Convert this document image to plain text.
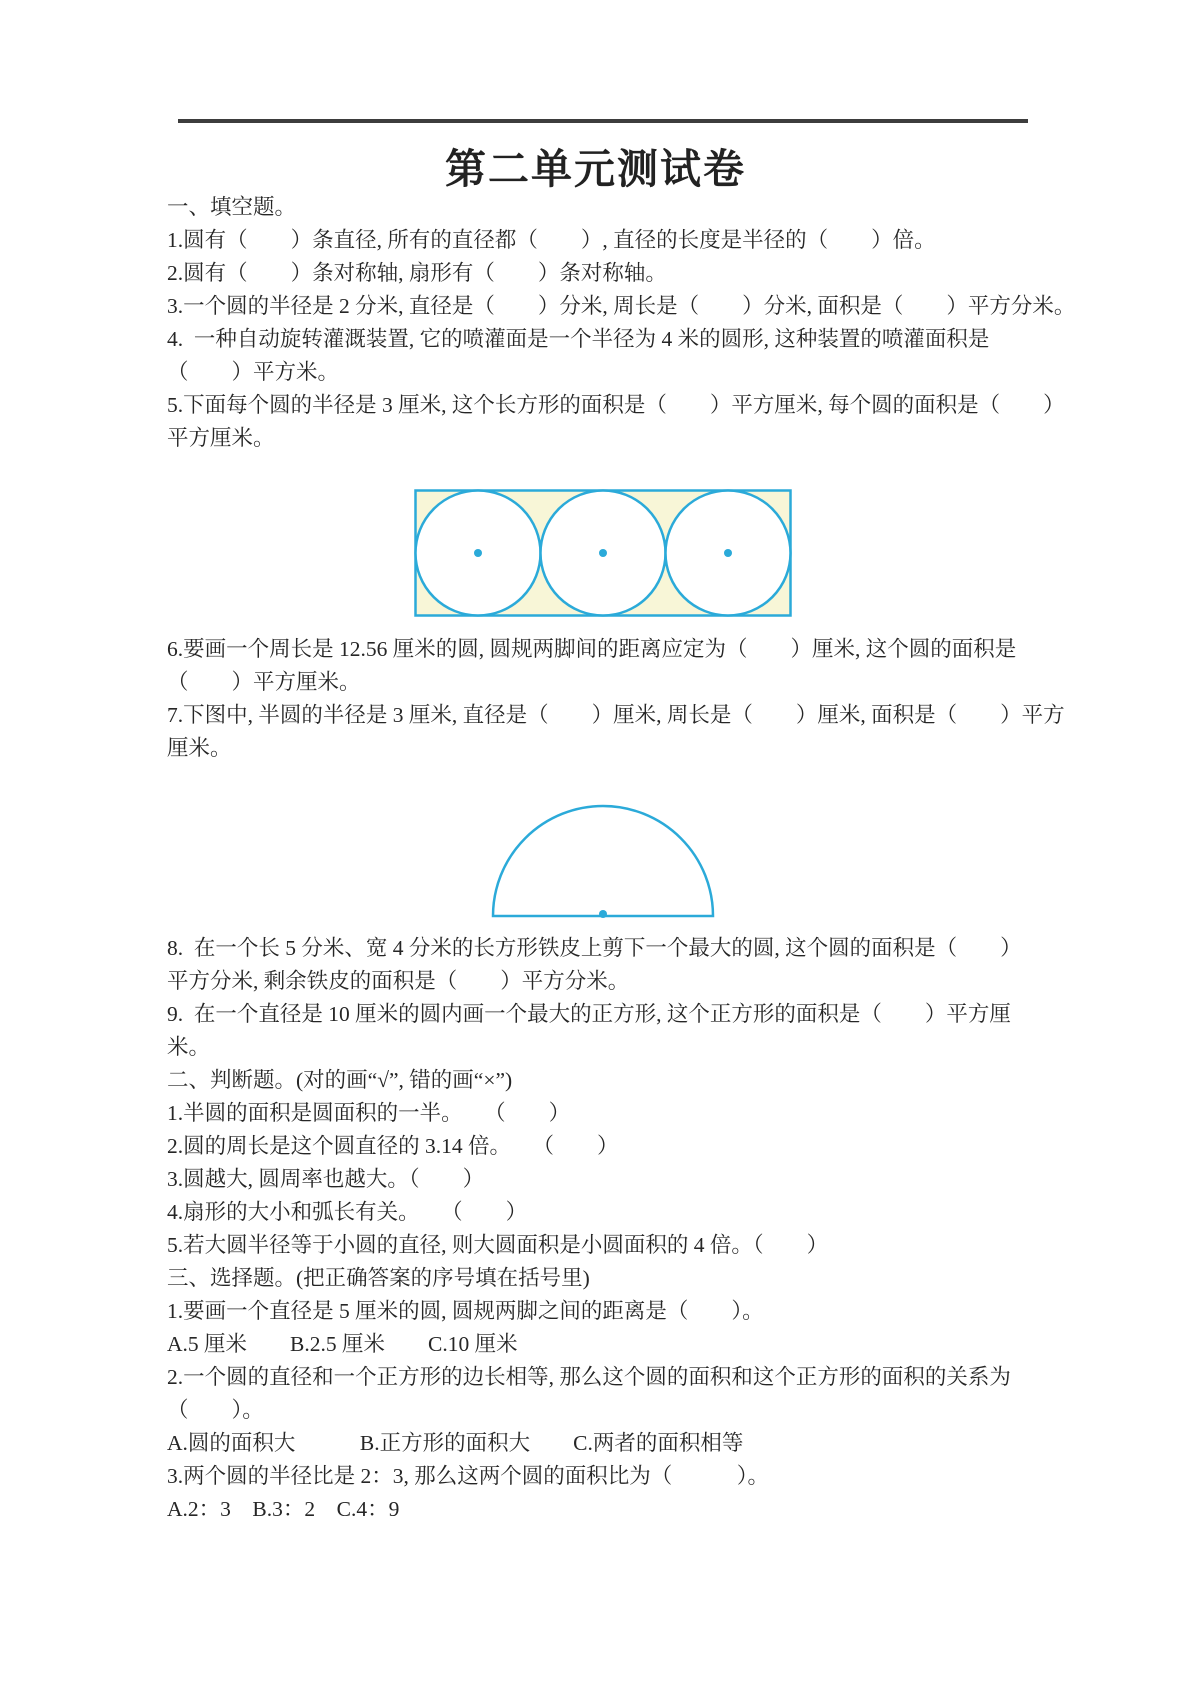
第二单元测试卷
一、填空题。
1.圆有（　　）条直径, 所有的直径都（　　）, 直径的长度是半径的（　　）倍。
2.圆有（　　）条对称轴, 扇形有（　　）条对称轴。
3.一个圆的半径是 2 分米, 直径是（　　）分米, 周长是（　　）分米, 面积是（　　）平方分米。
4.  一种自动旋转灌溉装置, 它的喷灌面是一个半径为 4 米的圆形, 这种装置的喷灌面积是
（　　）平方米。
5.下面每个圆的半径是 3 厘米, 这个长方形的面积是（　　）平方厘米, 每个圆的面积是（　　）
平方厘米。
6.要画一个周长是 12.56 厘米的圆, 圆规两脚间的距离应定为（　　）厘米, 这个圆的面积是
（　　）平方厘米。
7.下图中, 半圆的半径是 3 厘米, 直径是（　　）厘米, 周长是（　　）厘米, 面积是（　　）平方
厘米。
8.  在一个长 5 分米、宽 4 分米的长方形铁皮上剪下一个最大的圆, 这个圆的面积是（　　）
平方分米, 剩余铁皮的面积是（　　）平方分米。
9.  在一个直径是 10 厘米的圆内画一个最大的正方形, 这个正方形的面积是（　　）平方厘
米。
二、判断题。(对的画“√”, 错的画“×”)
1.半圆的面积是圆面积的一半。　　（　　）
2.圆的周长是这个圆直径的 3.14 倍。　　（　　）
3.圆越大, 圆周率也越大。（　　）
4.扇形的大小和弧长有关。　　（　　）
5.若大圆半径等于小圆的直径, 则大圆面积是小圆面积的 4 倍。（　　）
三、选择题。(把正确答案的序号填在括号里)
1.要画一个直径是 5 厘米的圆, 圆规两脚之间的距离是（　　）。
A.5 厘米　　B.2.5 厘米　　C.10 厘米
2.一个圆的直径和一个正方形的边长相等, 那么这个圆的面积和这个正方形的面积的关系为
（　　）。
A.圆的面积大　　　B.正方形的面积大　　C.两者的面积相等
3.两个圆的半径比是 2：3, 那么这两个圆的面积比为（　　　）。
A.2：3　B.3：2　C.4：9
